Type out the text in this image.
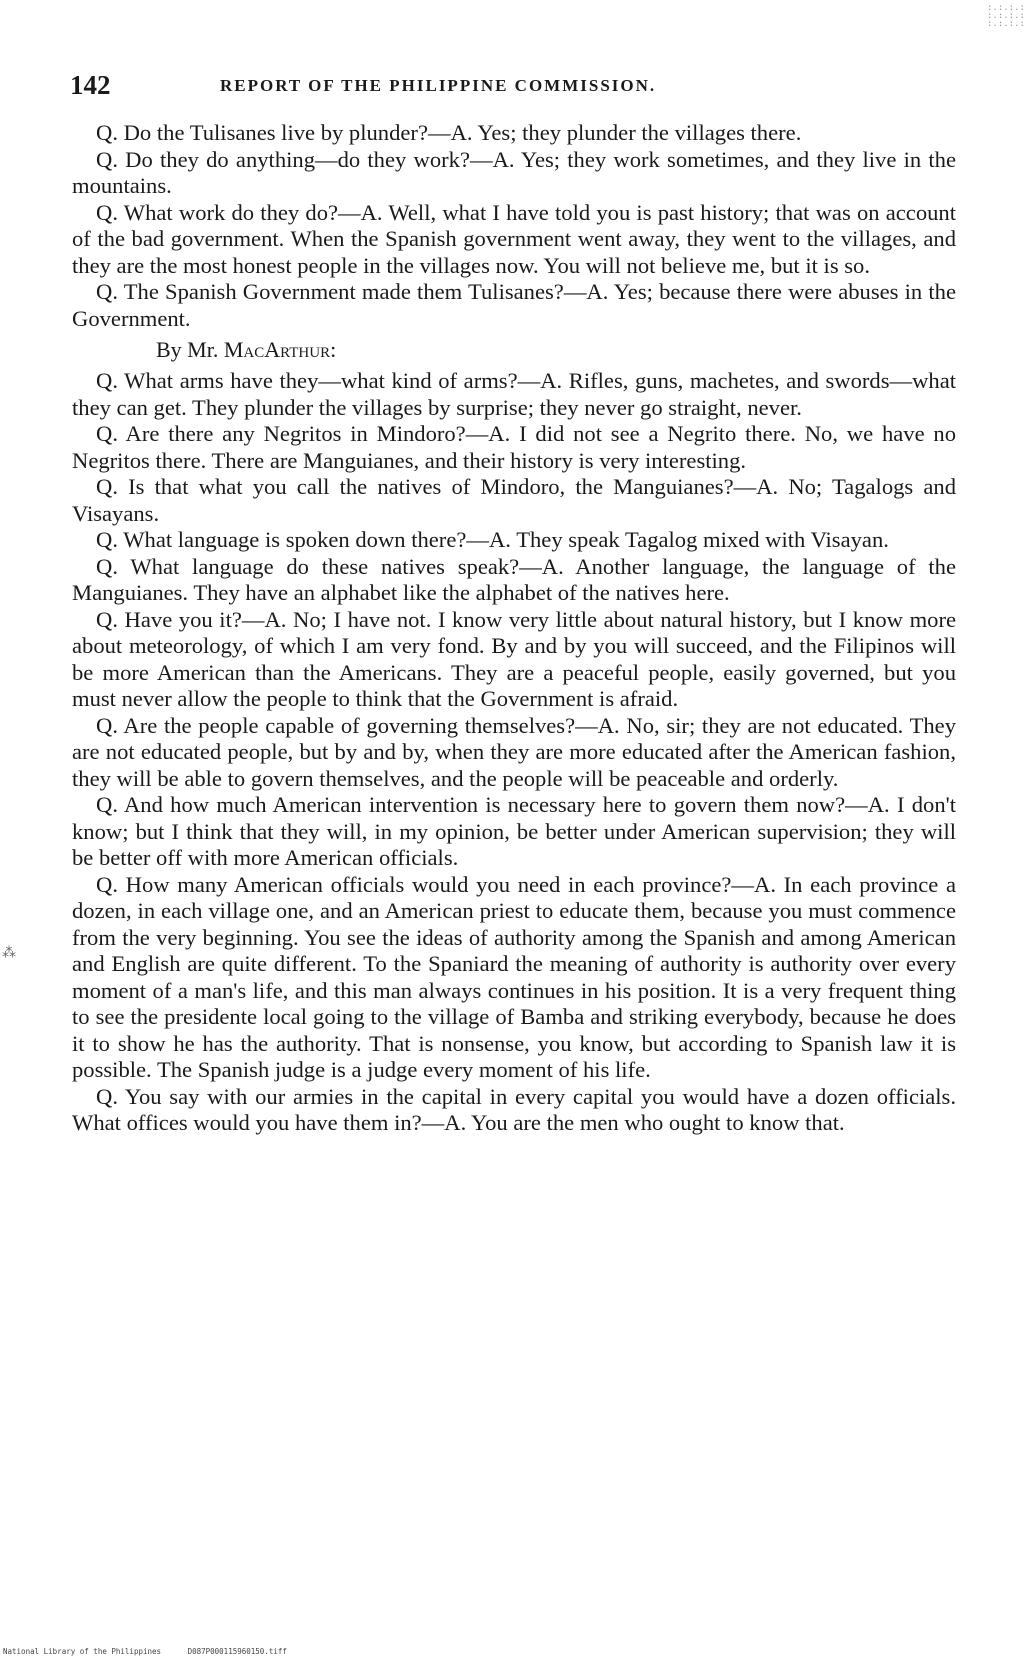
:.:.:.: :.:.:.: :.:.:.:
142	REPORT OF THE PHILIPPINE COMMISSION.
⁂

Q. Do the Tulisanes live by plunder?—A. Yes; they plunder the villages there.

Q. Do they do anything—do they work?—A. Yes; they work sometimes, and they live in the mountains.

Q. What work do they do?—A. Well, what I have told you is past history; that was on account of the bad government. When the Spanish government went away, they went to the villages, and they are the most honest people in the villages now. You will not believe me, but it is so.

Q. The Spanish Government made them Tulisanes?—A. Yes; because there were abuses in the Government.

By Mr. MacArthur:

Q. What arms have they—what kind of arms?—A. Rifles, guns, machetes, and swords—what they can get. They plunder the villages by surprise; they never go straight, never.

Q. Are there any Negritos in Mindoro?—A. I did not see a Negrito there. No, we have no Negritos there. There are Manguianes, and their history is very interesting.

Q. Is that what you call the natives of Mindoro, the Manguianes?—A. No; Tagalogs and Visayans.

Q. What language is spoken down there?—A. They speak Tagalog mixed with Visayan.

Q. What language do these natives speak?—A. Another language, the language of the Manguianes. They have an alphabet like the alphabet of the natives here.

Q. Have you it?—A. No; I have not. I know very little about natural history, but I know more about meteorology, of which I am very fond. By and by you will succeed, and the Filipinos will be more American than the Americans. They are a peaceful people, easily governed, but you must never allow the people to think that the Government is afraid.

Q. Are the people capable of governing themselves?—A. No, sir; they are not educated. They are not educated people, but by and by, when they are more educated after the American fashion, they will be able to govern themselves, and the people will be peaceable and orderly.

Q. And how much American intervention is necessary here to govern them now?—A. I don't know; but I think that they will, in my opinion, be better under American supervision; they will be better off with more American officials.

Q. How many American officials would you need in each province?—A. In each province a dozen, in each village one, and an American priest to educate them, because you must commence from the very beginning. You see the ideas of authority among the Spanish and among American and English are quite different. To the Spaniard the meaning of authority is authority over every moment of a man's life, and this man always continues in his position. It is a very frequent thing to see the presidente local going to the village of Bamba and striking everybody, because he does it to show he has the authority. That is nonsense, you know, but according to Spanish law it is possible. The Spanish judge is a judge every moment of his life.

Q. You say with our armies in the capital in every capital you would have a dozen officials. What offices would you have them in?—A. You are the men who ought to know that.

National Library of the Philippines	D087P000115960150.tiff
